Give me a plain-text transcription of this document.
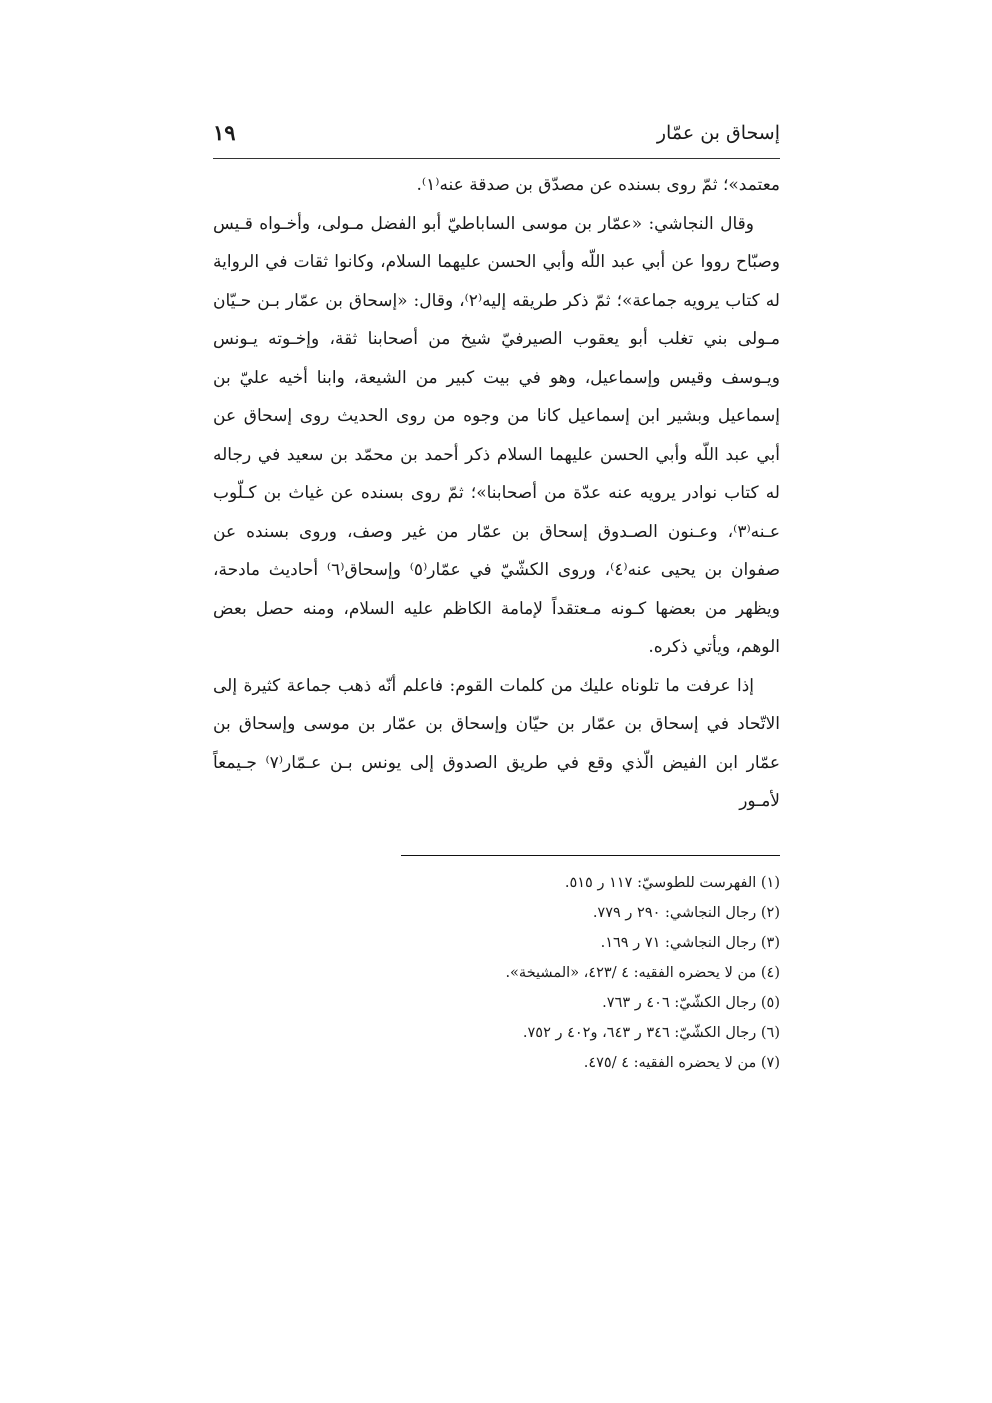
إسحاق بن عمّار
١٩

معتمد»؛ ثمّ روى بسنده عن مصدّق بن صدقة عنه⁽١⁾.

وقال النجاشي: «عمّار بن موسى الساباطيّ أبو الفضل مـولى، وأخـواه قـيس وصبّاح رووا عن أبي عبد اللّه وأبي الحسن عليهما السلام، وكانوا ثقات في الرواية له كتاب يرويه جماعة»؛ ثمّ ذكر طريقه إليه⁽٢⁾، وقال: «إسحاق بن عمّار بـن حـيّان مـولى بني تغلب أبو يعقوب الصيرفيّ شيخ من أصحابنا ثقة، وإخـوته يـونس ويـوسف وقيس وإسماعيل، وهو في بيت كبير من الشيعة، وابنا أخيه عليّ بن إسماعيل وبشير ابن إسماعيل كانا من وجوه من روى الحديث روى إسحاق عن أبي عبد اللّه وأبي الحسن عليهما السلام ذكر أحمد بن محمّد بن سعيد في رجاله له كتاب نوادر يرويه عنه عدّة من أصحابنا»؛ ثمّ روى بسنده عن غياث بن كـلّوب عـنه⁽٣⁾، وعـنون الصـدوق إسحاق بن عمّار من غير وصف، وروى بسنده عن صفوان بن يحيى عنه⁽٤⁾، وروى الكشّيّ في عمّار⁽٥⁾ وإسحاق⁽٦⁾ أحاديث مادحة، ويظهر من بعضها كـونه مـعتقداً لإمامة الكاظم عليه السلام، ومنه حصل بعض الوهم، ويأتي ذكره.

إذا عرفت ما تلوناه عليك من كلمات القوم: فاعلم أنّه ذهب جماعة كثيرة إلى الاتّحاد في إسحاق بن عمّار بن حيّان وإسحاق بن عمّار بن موسى وإسحاق بن عمّار ابن الفيض الّذي وقع في طريق الصدوق إلى يونس بـن عـمّار⁽٧⁾ جـيمعاً لأمـور

(١) الفهرست للطوسيّ: ١١٧ ر ٥١٥.

(٢) رجال النجاشي: ٢٩٠ ر ٧٧٩.

(٣) رجال النجاشي: ٧١ ر ١٦٩.

(٤) من لا يحضره الفقيه: ٤ /٤٢٣، «المشيخة».

(٥) رجال الكشّيّ: ٤٠٦ ر ٧٦٣.

(٦) رجال الكشّيّ: ٣٤٦ ر ٦٤٣، و٤٠٢ ر ٧٥٢.

(٧) من لا يحضره الفقيه: ٤ /٤٧٥.
